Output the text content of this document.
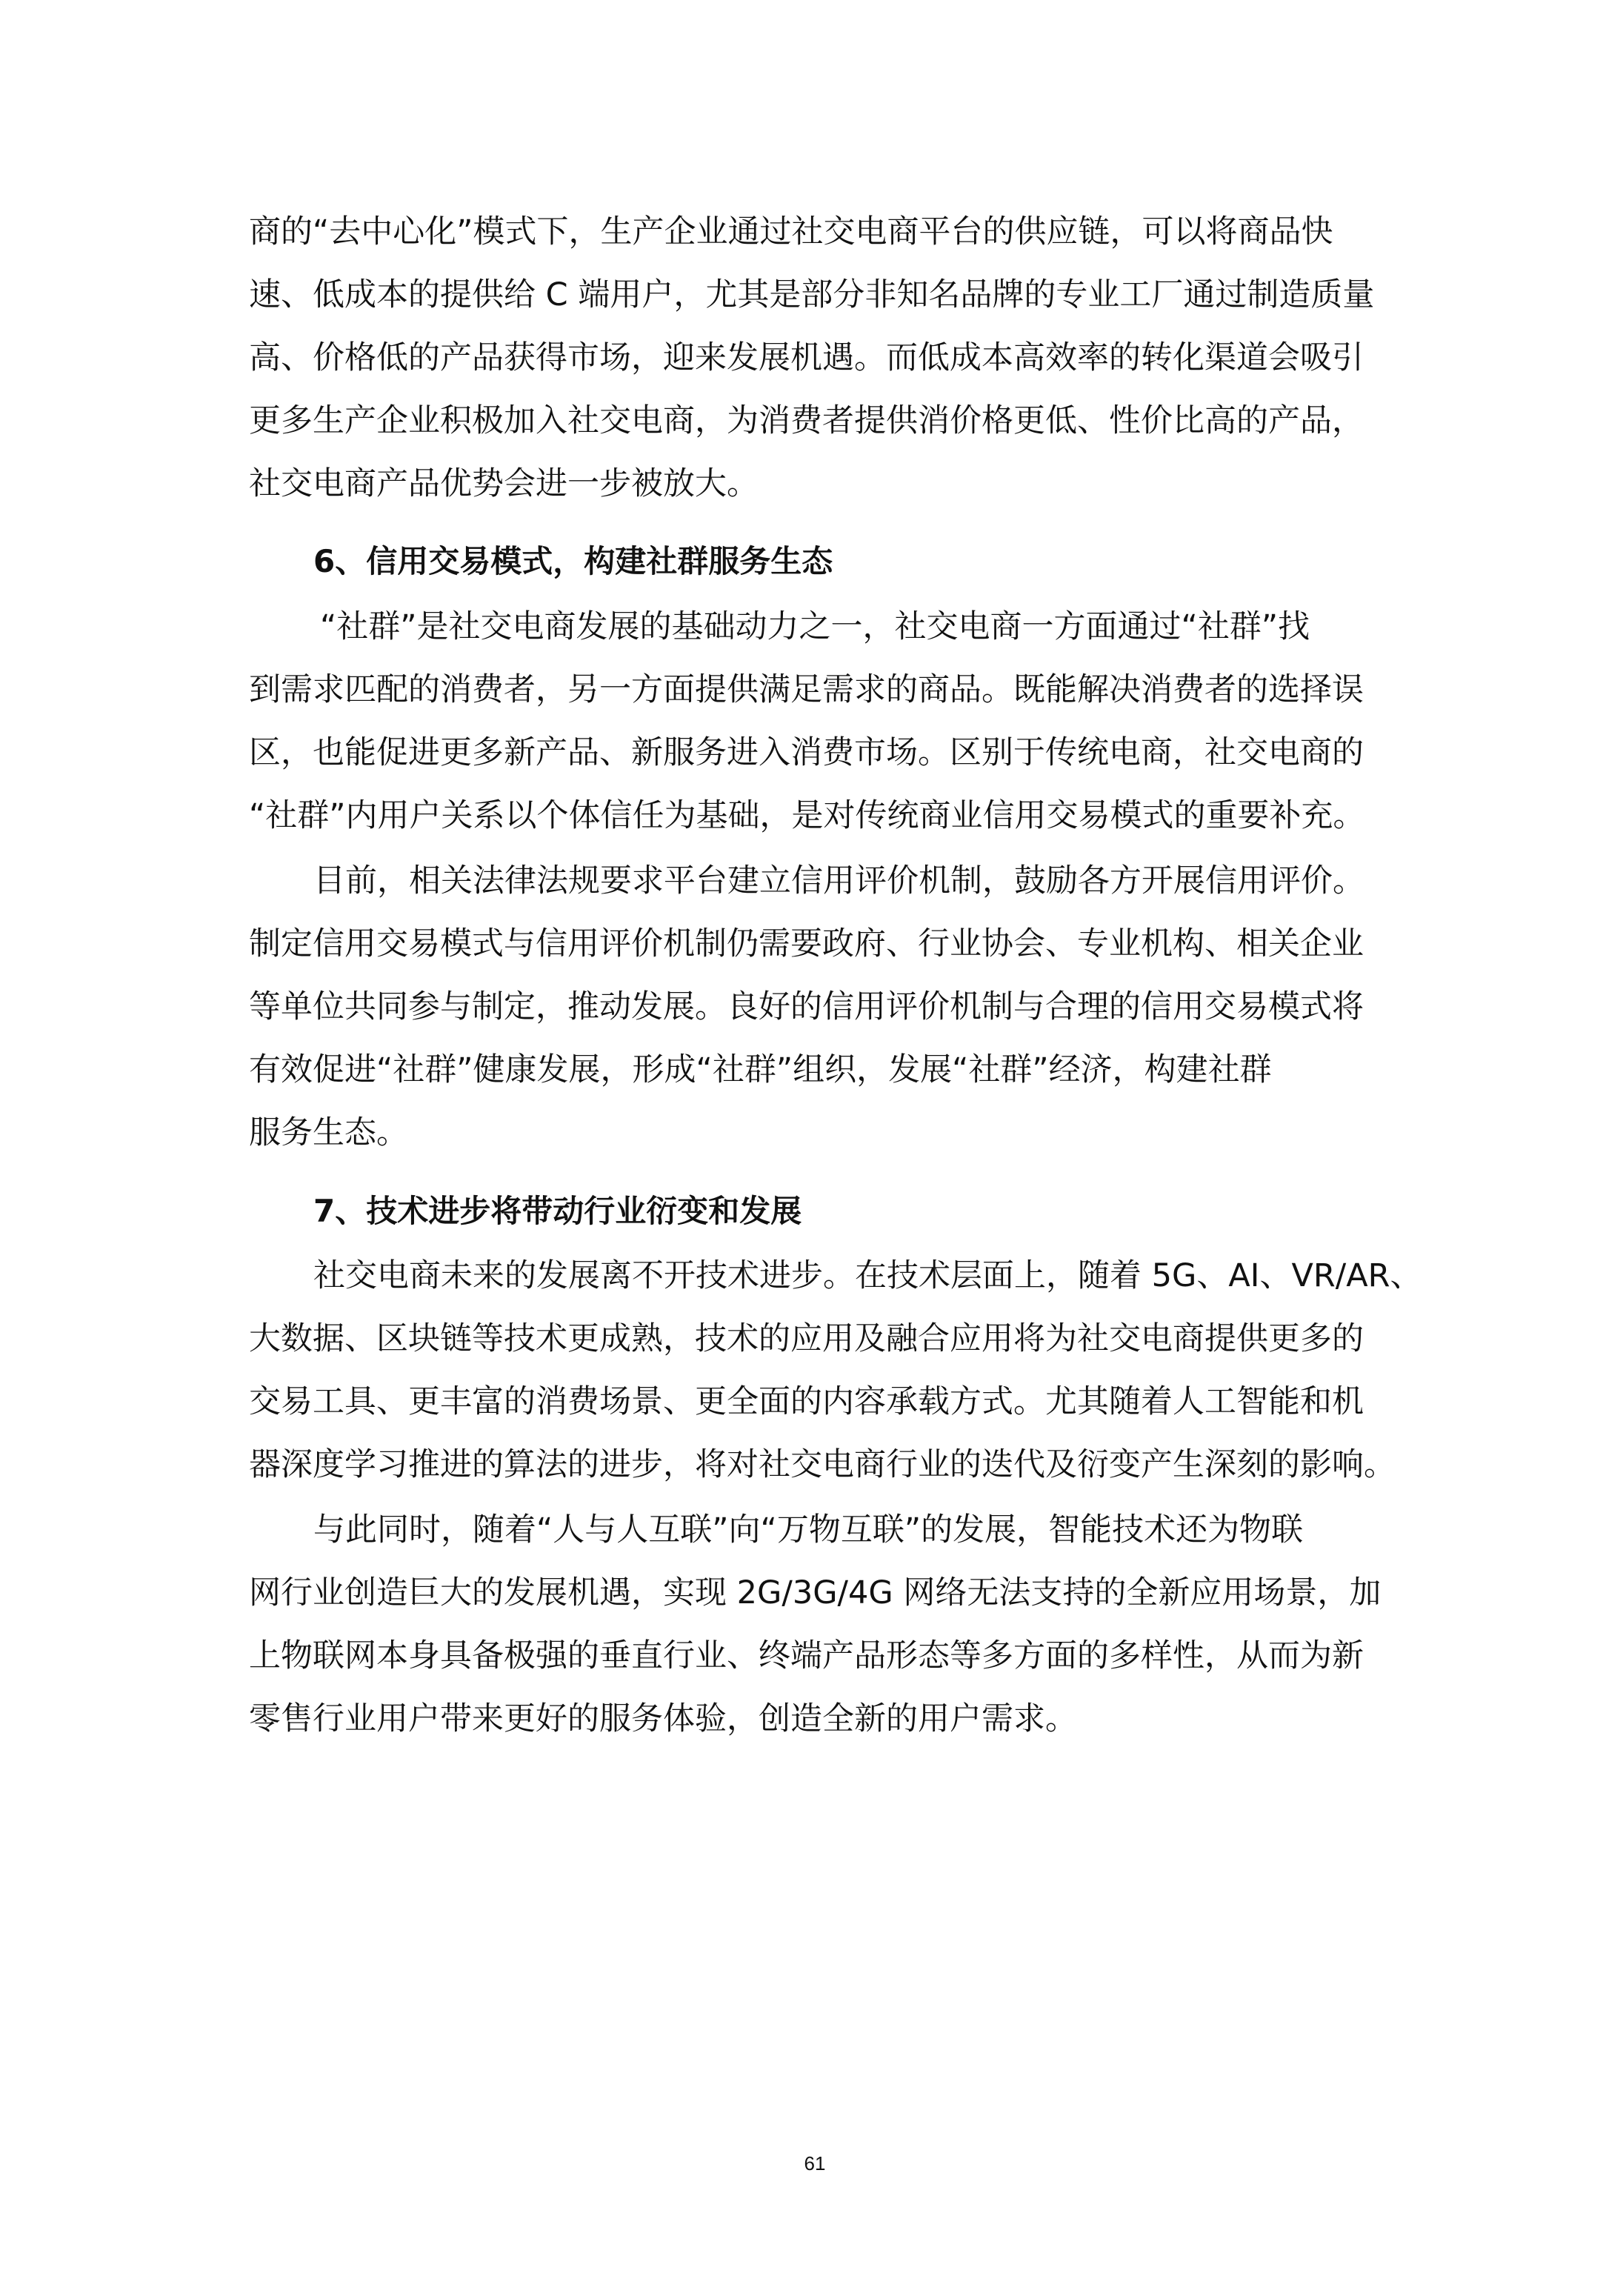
商的“去中心化”模式下，生产企业通过社交电商平台的供应链，可以将商品快
速、低成本的提供给 C 端用户，尤其是部分非知名品牌的专业工厂通过制造质量
高、价格低的产品获得市场，迎来发展机遇。而低成本高效率的转化渠道会吸引
更多生产企业积极加入社交电商，为消费者提供消价格更低、性价比高的产品，
社交电商产品优势会进一步被放大。
6、信用交易模式，构建社群服务生态
“社群”是社交电商发展的基础动力之一，社交电商一方面通过“社群”找
到需求匹配的消费者，另一方面提供满足需求的商品。既能解决消费者的选择误
区，也能促进更多新产品、新服务进入消费市场。区别于传统电商，社交电商的
“社群”内用户关系以个体信任为基础，是对传统商业信用交易模式的重要补充。
目前，相关法律法规要求平台建立信用评价机制，鼓励各方开展信用评价。
制定信用交易模式与信用评价机制仍需要政府、行业协会、专业机构、相关企业
等单位共同参与制定，推动发展。良好的信用评价机制与合理的信用交易模式将
有效促进“社群”健康发展，形成“社群”组织，发展“社群”经济，构建社群
服务生态。
7、技术进步将带动行业衍变和发展
社交电商未来的发展离不开技术进步。在技术层面上，随着 5G、AI、VR/AR、
大数据、区块链等技术更成熟，技术的应用及融合应用将为社交电商提供更多的
交易工具、更丰富的消费场景、更全面的内容承载方式。尤其随着人工智能和机
器深度学习推进的算法的进步，将对社交电商行业的迭代及衍变产生深刻的影响。
与此同时，随着“人与人互联”向“万物互联”的发展，智能技术还为物联
网行业创造巨大的发展机遇，实现 2G/3G/4G 网络无法支持的全新应用场景，加
上物联网本身具备极强的垂直行业、终端产品形态等多方面的多样性，从而为新
零售行业用户带来更好的服务体验，创造全新的用户需求。
61
